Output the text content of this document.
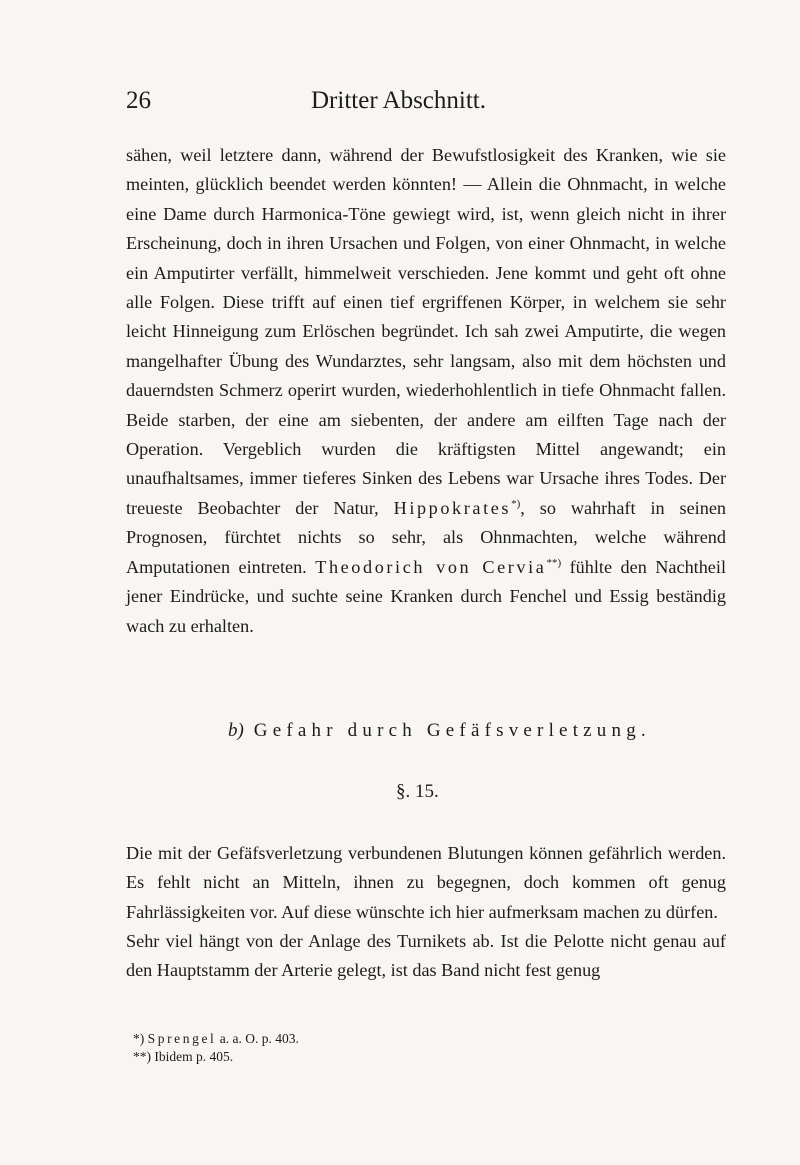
26	Dritter Abschnitt.
sähen, weil letztere dann, während der Bewufstlosigkeit des Kranken, wie sie meinten, glücklich beendet werden könnten! — Allein die Ohnmacht, in welche eine Dame durch Harmonica-Töne gewiegt wird, ist, wenn gleich nicht in ihrer Erscheinung, doch in ihren Ursachen und Folgen, von einer Ohnmacht, in welche ein Amputirter verfällt, himmelweit verschieden. Jene kommt und geht oft ohne alle Folgen. Diese trifft auf einen tief ergriffenen Körper, in welchem sie sehr leicht Hinneigung zum Erlöschen begründet. Ich sah zwei Amputirte, die wegen mangelhafter Übung des Wundarztes, sehr langsam, also mit dem höchsten und dauerndsten Schmerz operirt wurden, wiederhohlentlich in tiefe Ohnmacht fallen. Beide starben, der eine am siebenten, der andere am eilften Tage nach der Operation. Vergeblich wurden die kräftigsten Mittel angewandt; ein unaufhaltsames, immer tieferes Sinken des Lebens war Ursache ihres Todes. Der treueste Beobachter der Natur, Hippokrates*), so wahrhaft in seinen Prognosen, fürchtet nichts so sehr, als Ohnmachten, welche während Amputationen eintreten. Theodorich von Cervia**) fühlte den Nachtheil jener Eindrücke, und suchte seine Kranken durch Fenchel und Essig beständig wach zu erhalten.
b) Gefahr durch Gefäfsverletzung.
§. 15.
Die mit der Gefäfsverletzung verbundenen Blutungen können gefährlich werden. Es fehlt nicht an Mitteln, ihnen zu begegnen, doch kommen oft genug Fahrlässigkeiten vor. Auf diese wünschte ich hier aufmerksam machen zu dürfen.
Sehr viel hängt von der Anlage des Turnikets ab. Ist die Pelotte nicht genau auf den Hauptstamm der Arterie gelegt, ist das Band nicht fest genug
*) Sprengel a. a. O. p. 403.
**) Ibidem p. 405.
